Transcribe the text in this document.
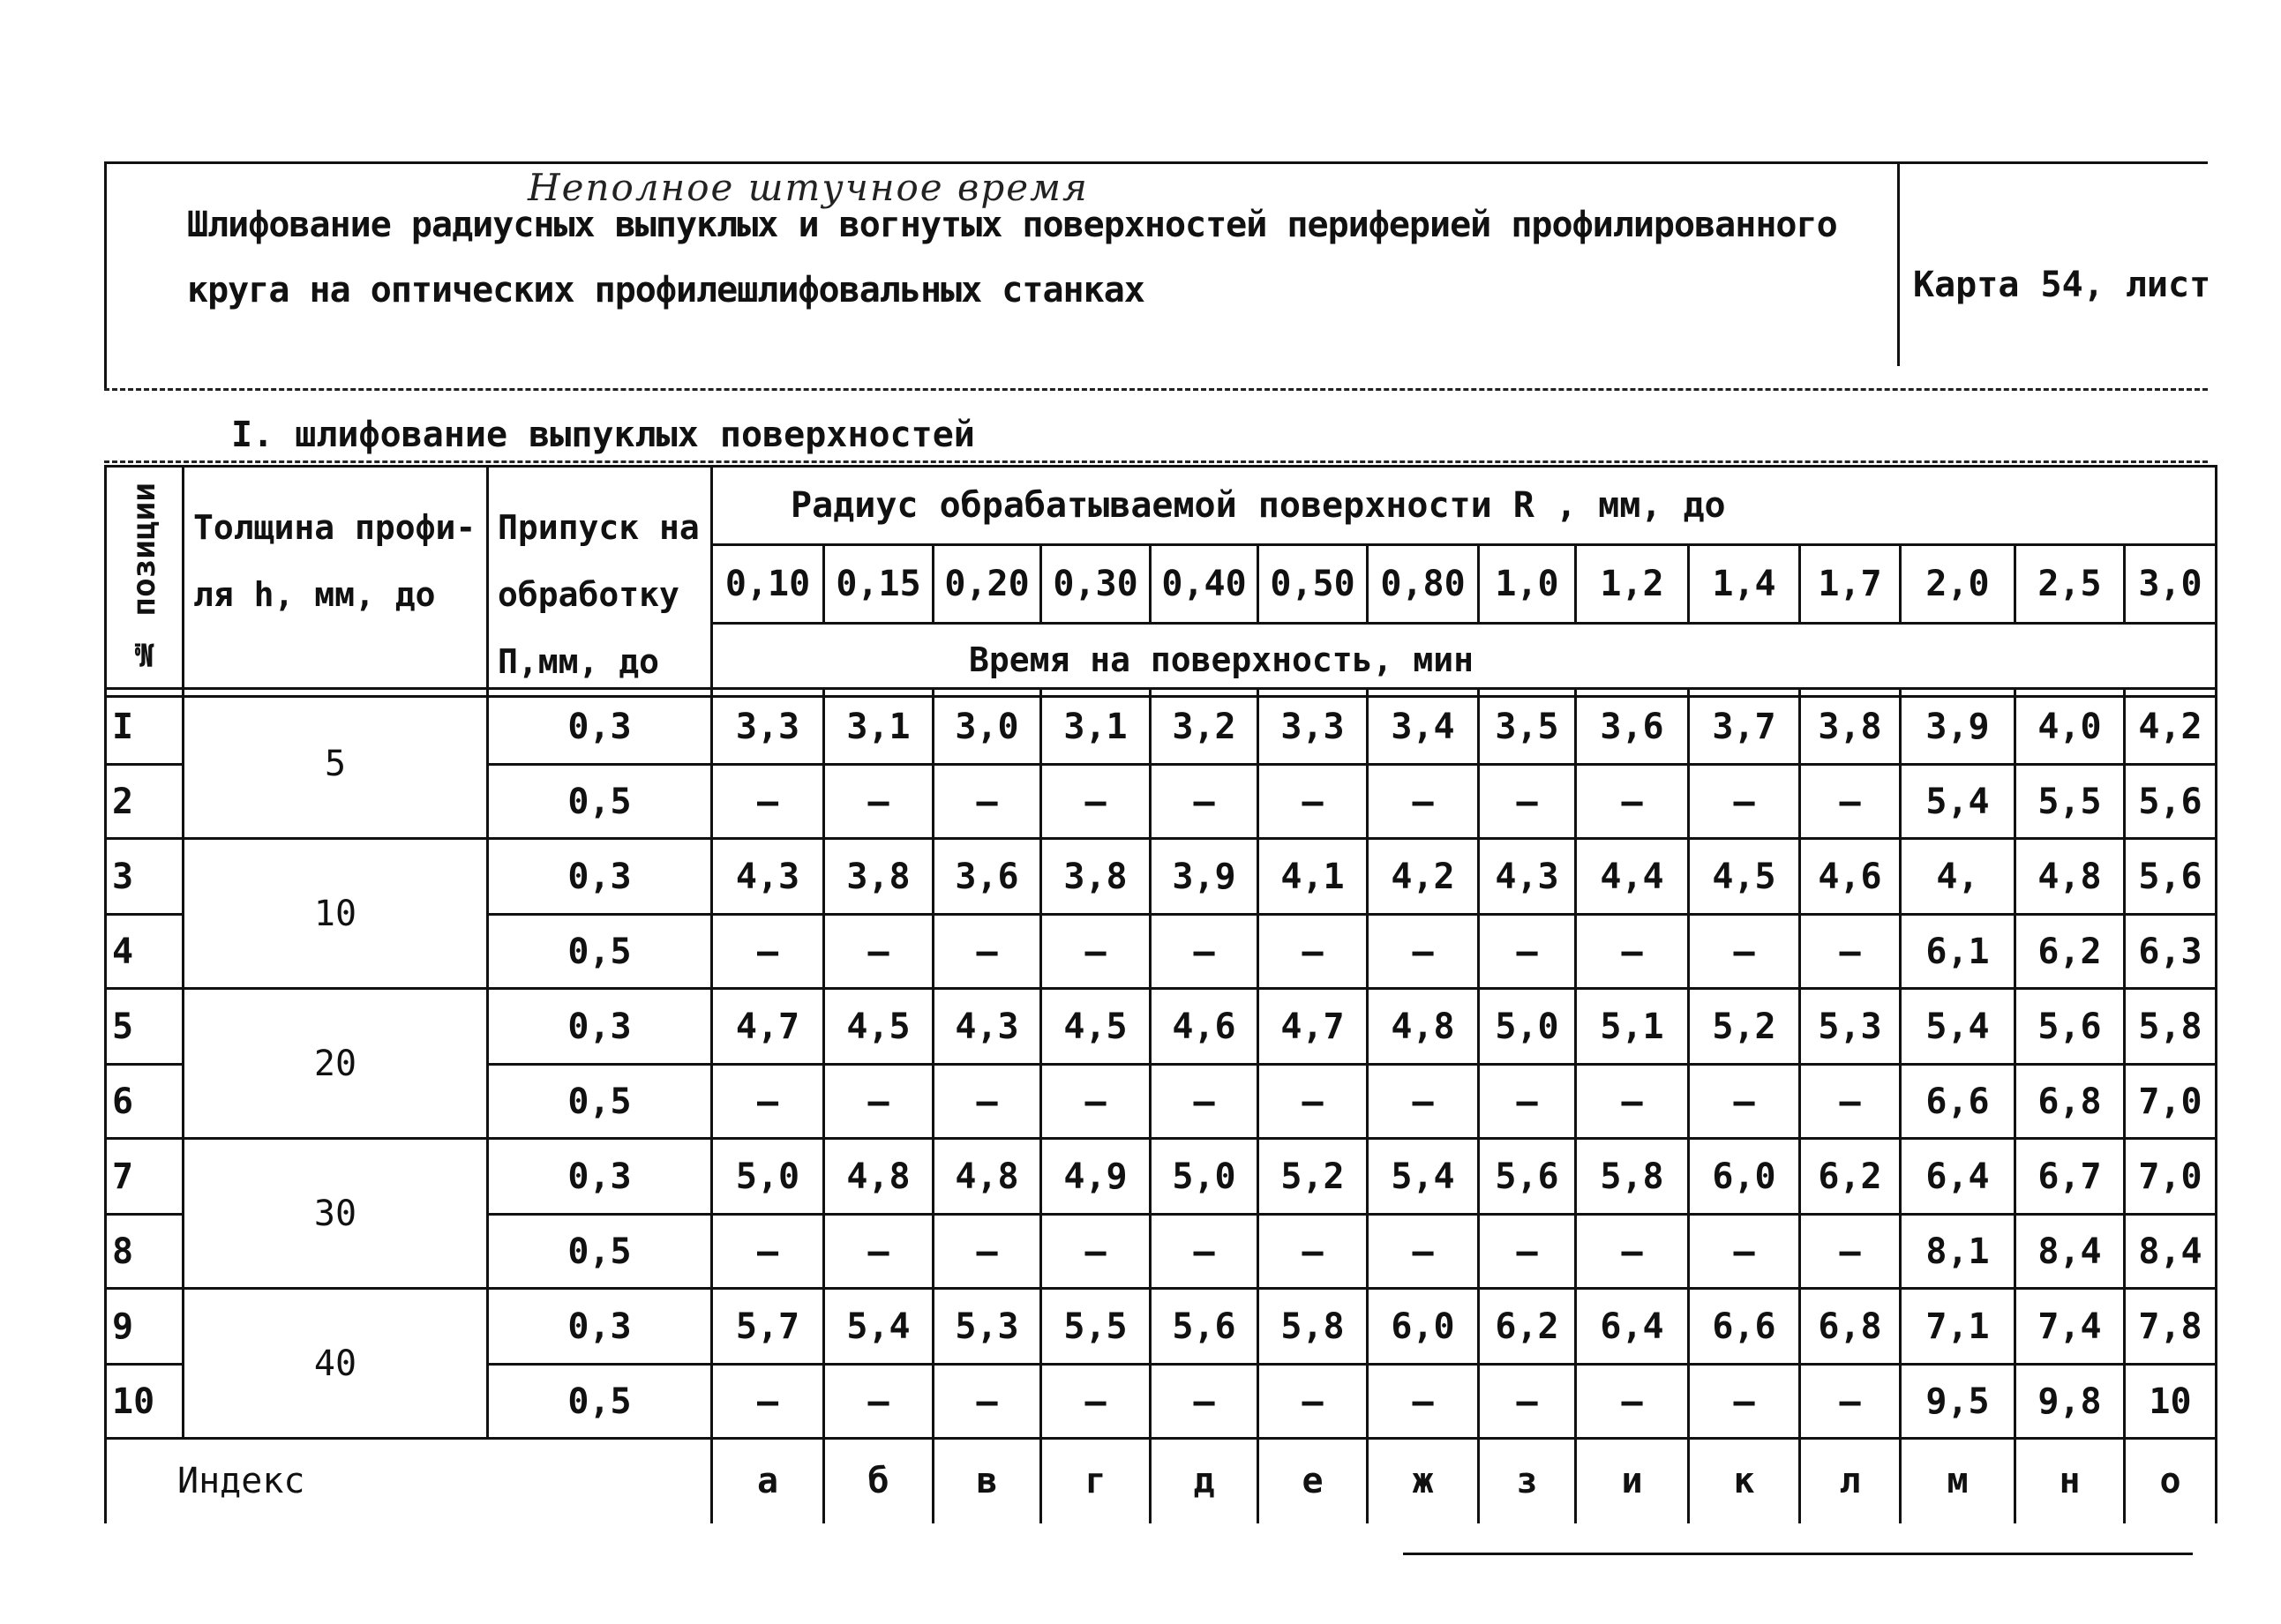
Неполное штучное время
Шлифование радиусных выпуклых и вогнутых поверхностей периферией профилированного
круга на оптических профилешлифовальных станках	Карта 54, лист
I. шлифование выпуклых поверхностей
№ позиции	Толщина профи- ля h, мм, до	Припуск на обработку П,мм, до	Радиус обрабатываемой поверхности R , мм, до													
			0,10	0,15	0,20	0,30	0,40	0,50	0,80	1,0	1,2	1,4	1,7	2,0	2,5	3,0
			Время на поверхность, мин													
I	5	0,3	3,3	3,1	3,0	3,1	3,2	3,3	3,4	3,5	3,6	3,7	3,8	3,9	4,0	4,2
2		0,5	–	–	–	–	–	–	–	–	–	–	–	5,4	5,5	5,6
3	10	0,3	4,3	3,8	3,6	3,8	3,9	4,1	4,2	4,3	4,4	4,5	4,6	4,	4,8	5,6
4		0,5	–	–	–	–	–	–	–	–	–	–	–	6,1	6,2	6,3
5	20	0,3	4,7	4,5	4,3	4,5	4,6	4,7	4,8	5,0	5,1	5,2	5,3	5,4	5,6	5,8
6		0,5	–	–	–	–	–	–	–	–	–	–	–	6,6	6,8	7,0
7	30	0,3	5,0	4,8	4,8	4,9	5,0	5,2	5,4	5,6	5,8	6,0	6,2	6,4	6,7	7,0
8		0,5	–	–	–	–	–	–	–	–	–	–	–	8,1	8,4	8,4
9	40	0,3	5,7	5,4	5,3	5,5	5,6	5,8	6,0	6,2	6,4	6,6	6,8	7,1	7,4	7,8
10		0,5	–	—	–	–	–	–	–	–	–	–	–	9,5	9,8	10
Индекс			а	б	в	г	д	е	ж	з	и	к	л	м	н	о
